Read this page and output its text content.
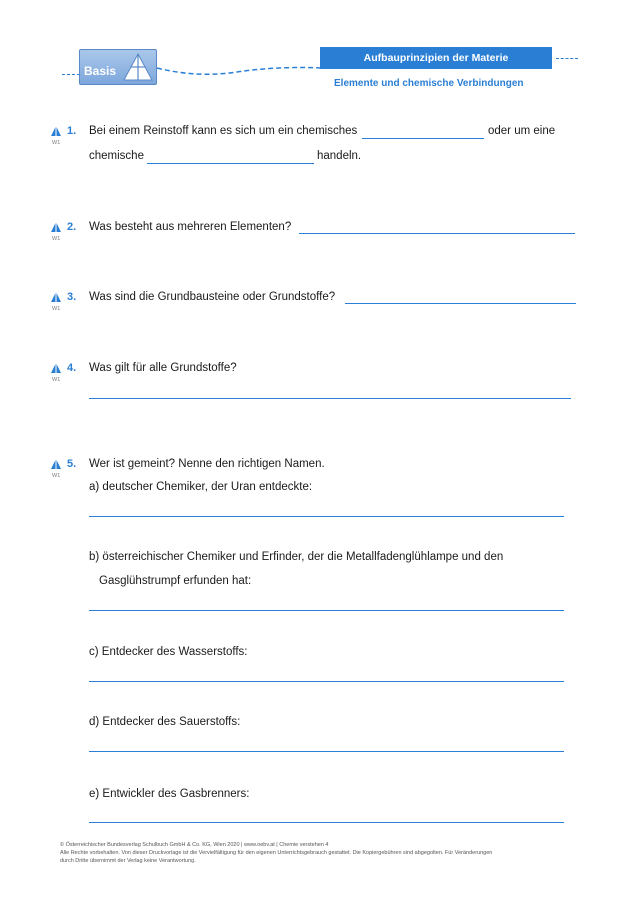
Basis
Aufbauprinzipien der Materie
Elemente und chemische Verbindungen
W1
1. Bei einem Reinstoff kann es sich um ein chemisches	oder um eine
chemische	handeln.
W1
2. Was besteht aus mehreren Elementen?
W1
3. Was sind die Grundbausteine oder Grundstoffe?
W1
4. Was gilt für alle Grundstoffe?
W1
5. Wer ist gemeint? Nenne den richtigen Namen.
a) deutscher Chemiker, der Uran entdeckte:
b) österreichischer Chemiker und Erfinder, der die Metallfadenglühlampe und den
Gasglühstrumpf erfunden hat:
c) Entdecker des Wasserstoffs:
d) Entdecker des Sauerstoffs:
e) Entwickler des Gasbrenners:
© Österreichischer Bundesverlag Schulbuch GmbH & Co. KG, Wien 2020 | www.oebv.at | Chemie verstehen 4
Alle Rechte vorbehalten. Von dieser Druckvorlage ist die Vervielfältigung für den eigenen Unterrichtsgebrauch gestattet. Die Kopiergebühren sind abgegolten. Für Veränderungen
durch Dritte übernimmt der Verlag keine Verantwortung.
